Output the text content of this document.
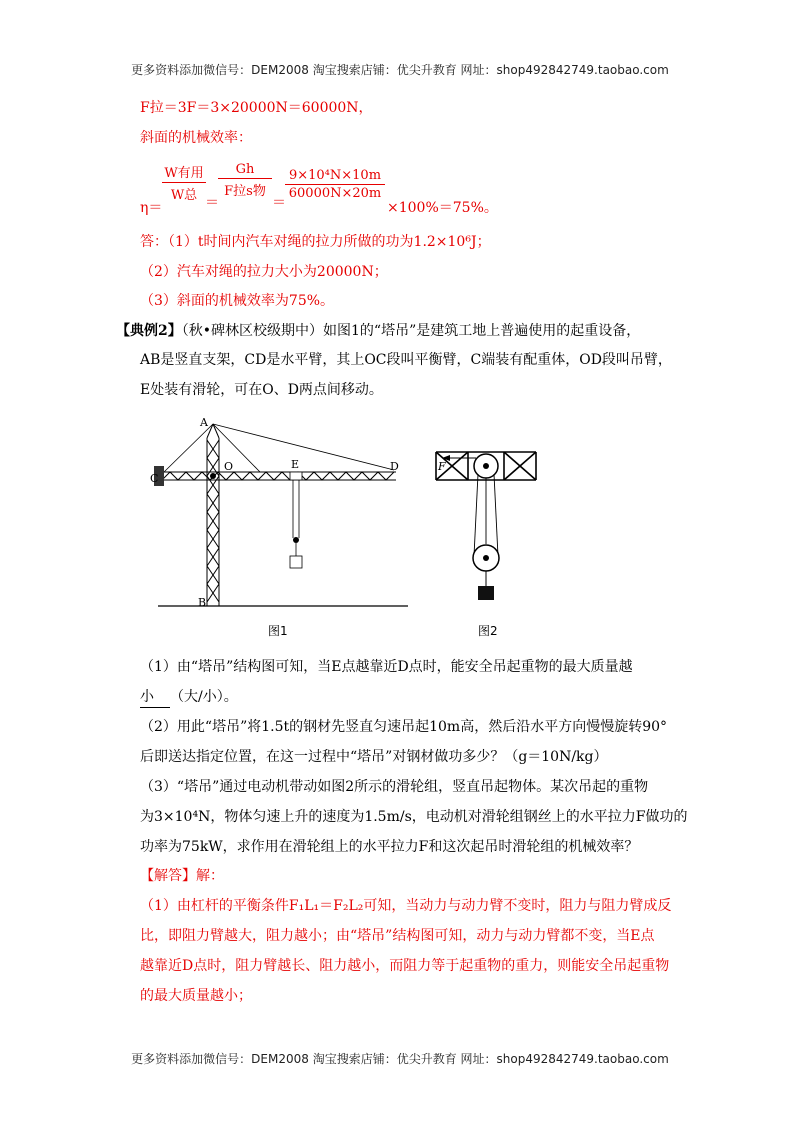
更多资料添加微信号：DEM2008 淘宝搜索店铺：优尖升教育 网址：shop492842749.taobao.com
F拉＝3F＝3×20000N＝60000N，
斜面的机械效率：
η＝
W有用
W总 ＝
Gh
F拉s物
＝
9×10⁴N×10m
60000N×20m
×100%＝75%。
答：（1）t时间内汽车对绳的拉力所做的功为1.2×10⁶J；
（2）汽车对绳的拉力大小为20000N；
（3）斜面的机械效率为75%。
【典例2】（秋•碑林区校级期中）如图1的“塔吊”是建筑工地上普遍使用的起重设备，
AB是竖直支架，CD是水平臂，其上OC段叫平衡臂，C端装有配重体，OD段叫吊臂，
E处装有滑轮，可在O、D两点间移动。
A
B
C
D
E
O
图1
F
图2
（1）由“塔吊”结构图可知，当E点越靠近D点时，能安全吊起重物的最大质量越
小 （大/小）。
（2）用此“塔吊”将1.5t的钢材先竖直匀速吊起10m高，然后沿水平方向慢慢旋转90°
后即送达指定位置，在这一过程中“塔吊”对钢材做功多少？（g＝10N/kg）
（3）“塔吊”通过电动机带动如图2所示的滑轮组，竖直吊起物体。某次吊起的重物
为3×10⁴N，物体匀速上升的速度为1.5m/s，电动机对滑轮组钢丝上的水平拉力F做功的
功率为75kW，求作用在滑轮组上的水平拉力F和这次起吊时滑轮组的机械效率？
【解答】解：
（1）由杠杆的平衡条件F₁L₁＝F₂L₂可知，当动力与动力臂不变时，阻力与阻力臂成反
比，即阻力臂越大，阻力越小；由“塔吊”结构图可知，动力与动力臂都不变，当E点
越靠近D点时，阻力臂越长、阻力越小，而阻力等于起重物的重力，则能安全吊起重物
的最大质量越小；
更多资料添加微信号：DEM2008 淘宝搜索店铺：优尖升教育 网址：shop492842749.taobao.com
